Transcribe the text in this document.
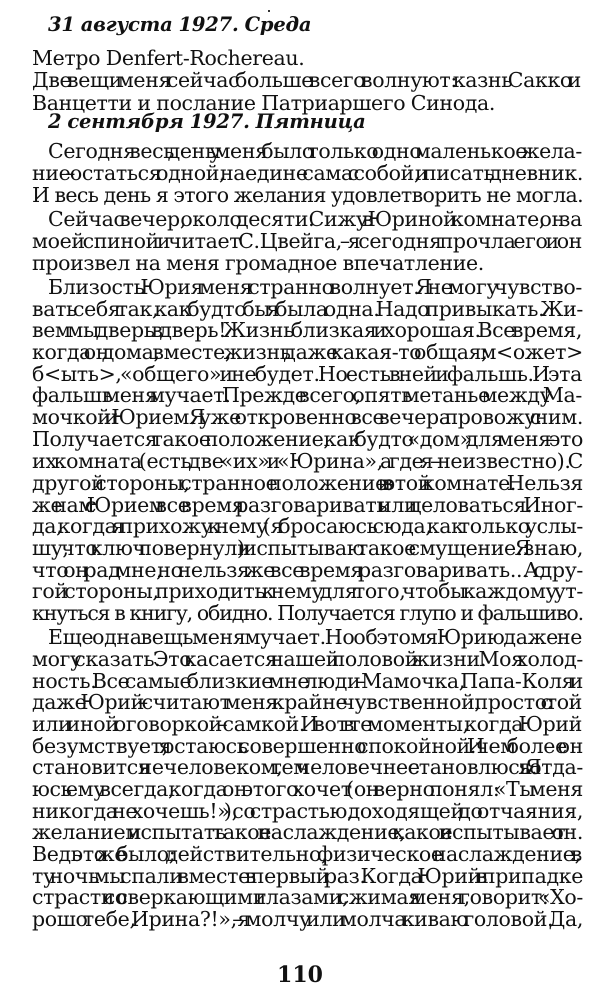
31 августа 1927. Среда
Метро Denfert-Rochereau.
Две вещи меня сейчас больше всего волнуют: казнь Сакко и
Ванцетти и послание Патриаршего Синода.
2 сентября 1927. Пятница
Сегодня весь день у меня было только одно маленькое жела-
ние – остаться одной, наедине сама с собой, и писать дневник.
И весь день я этого желания удовлетворить не могла.
Сейчас вечер, около десяти. Сижу в Юриной комнате, он за
моей спиной и читает С.Цвейга, – я сегодня прочла его и он
произвел на меня громадное впечатление.
Близость Юрия меня странно волнует. Я не могу чувство-
вать себя так, как будто бы я была одна. Надо привыкать. Жи-
вем мы дверь в дверь! Жизнь близкая и хорошая. Все время,
когда он дома, вместе, жизнь даже какая-то общая; м<ожет>
б<ыть>, «общего» и не будет. Но есть в ней и фальшь. И эта
фальшь меня мучает. Прежде всего, опять метанье между Ма-
мочкой и Юрием. Я уже откровенно все вечера провожу с ним.
Получается такое положение, как будто «дом» для меня – это
их комната (есть две «их» и «Юрина», а где я – неизвестно). С
другой стороны, странное положение и в этой комнате. Нельзя
же нам с Юрием все время разговаривать или целоваться. Иног-
да, когда я прихожу к нему (я бросаюсь сюда, как только услы-
шу, что ключ повернул) и испытываю такое смущение. Я знаю,
что он рад мне, но нельзя же все время разговаривать... А с дру-
гой стороны, приходить к нему для того, чтобы каждому ут-
кнуться в книгу, обидно. Получается глупо и фальшиво.
Еще одна вещь меня мучает. Но об этом я Юрию даже не
могу сказать. Это касается нашей половой жизни. Моя холод-
ность. Все самые близкие мне люди – Мамочка, Папа-Коля и
даже Юрий – считают меня крайне чувственной, просто с той
или иной оговоркой – самкой. И вот в те моменты, когда Юрий
безумствует, я остаюсь совершенно спокойной. И чем более он
становится нечеловеком, тем человечнее становлюсь я. Я отда-
юсь ему всегда, когда он этого хочет (он верно понял: «Ты меня
никогда не хочешь!» ), со страстью, доходящей до отчаяния,
желанием испытать такое наслаждение, какое испытывает он.
Ведь это же было; действительно, физическое наслаждение, в
ту ночь мы спали вместе в первый раз. Когда Юрий в припадке
страсти со сверкающими глазами, сжимая меня, говорит: «Хо-
рошо тебе, Ирина?!», – я молчу или молча киваю головой. Да,
110
